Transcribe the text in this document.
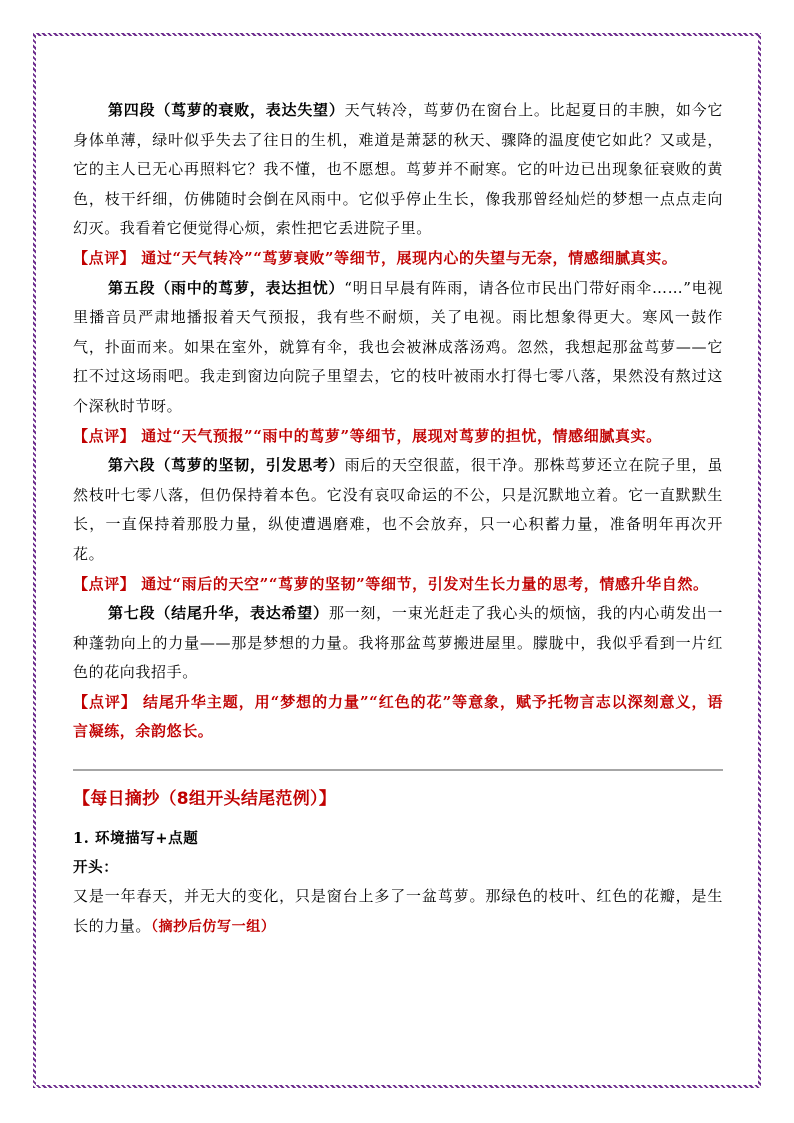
第四段（茑萝的衰败，表达失望）天气转冷，茑萝仍在窗台上。比起夏日的丰腴，如今它身体单薄，绿叶似乎失去了往日的生机，难道是萧瑟的秋天、骤降的温度使它如此？又或是，它的主人已无心再照料它？我不懂，也不愿想。茑萝并不耐寒。它的叶边已出现象征衰败的黄色，枝干纤细，仿佛随时会倒在风雨中。它似乎停止生长，像我那曾经灿烂的梦想一点点走向幻灭。我看着它便觉得心烦，索性把它丢进院子里。

【点评】 通过“天气转冷”“茑萝衰败”等细节，展现内心的失望与无奈，情感细腻真实。

第五段（雨中的茑萝，表达担忧）“明日早晨有阵雨，请各位市民出门带好雨伞……”电视里播音员严肃地播报着天气预报，我有些不耐烦，关了电视。雨比想象得更大。寒风一鼓作气，扑面而来。如果在室外，就算有伞，我也会被淋成落汤鸡。忽然，我想起那盆茑萝——它扛不过这场雨吧。我走到窗边向院子里望去，它的枝叶被雨水打得七零八落，果然没有熬过这个深秋时节呀。

【点评】 通过“天气预报”“雨中的茑萝”等细节，展现对茑萝的担忧，情感细腻真实。

第六段（茑萝的坚韧，引发思考）雨后的天空很蓝，很干净。那株茑萝还立在院子里，虽然枝叶七零八落，但仍保持着本色。它没有哀叹命运的不公，只是沉默地立着。它一直默默生长，一直保持着那股力量，纵使遭遇磨难，也不会放弃，只一心积蓄力量，准备明年再次开花。

【点评】 通过“雨后的天空”“茑萝的坚韧”等细节，引发对生长力量的思考，情感升华自然。

第七段（结尾升华，表达希望）那一刻，一束光赶走了我心头的烦恼，我的内心萌发出一种蓬勃向上的力量——那是梦想的力量。我将那盆茑萝搬进屋里。朦胧中，我似乎看到一片红色的花向我招手。

【点评】 结尾升华主题，用“梦想的力量”“红色的花”等意象，赋予托物言志以深刻意义，语言凝练，余韵悠长。

【每日摘抄（8组开头结尾范例）】
1. 环境描写+点题
开头：

又是一年春天，并无大的变化，只是窗台上多了一盆茑萝。那绿色的枝叶、红色的花瓣，是生长的力量。（摘抄后仿写一组）
